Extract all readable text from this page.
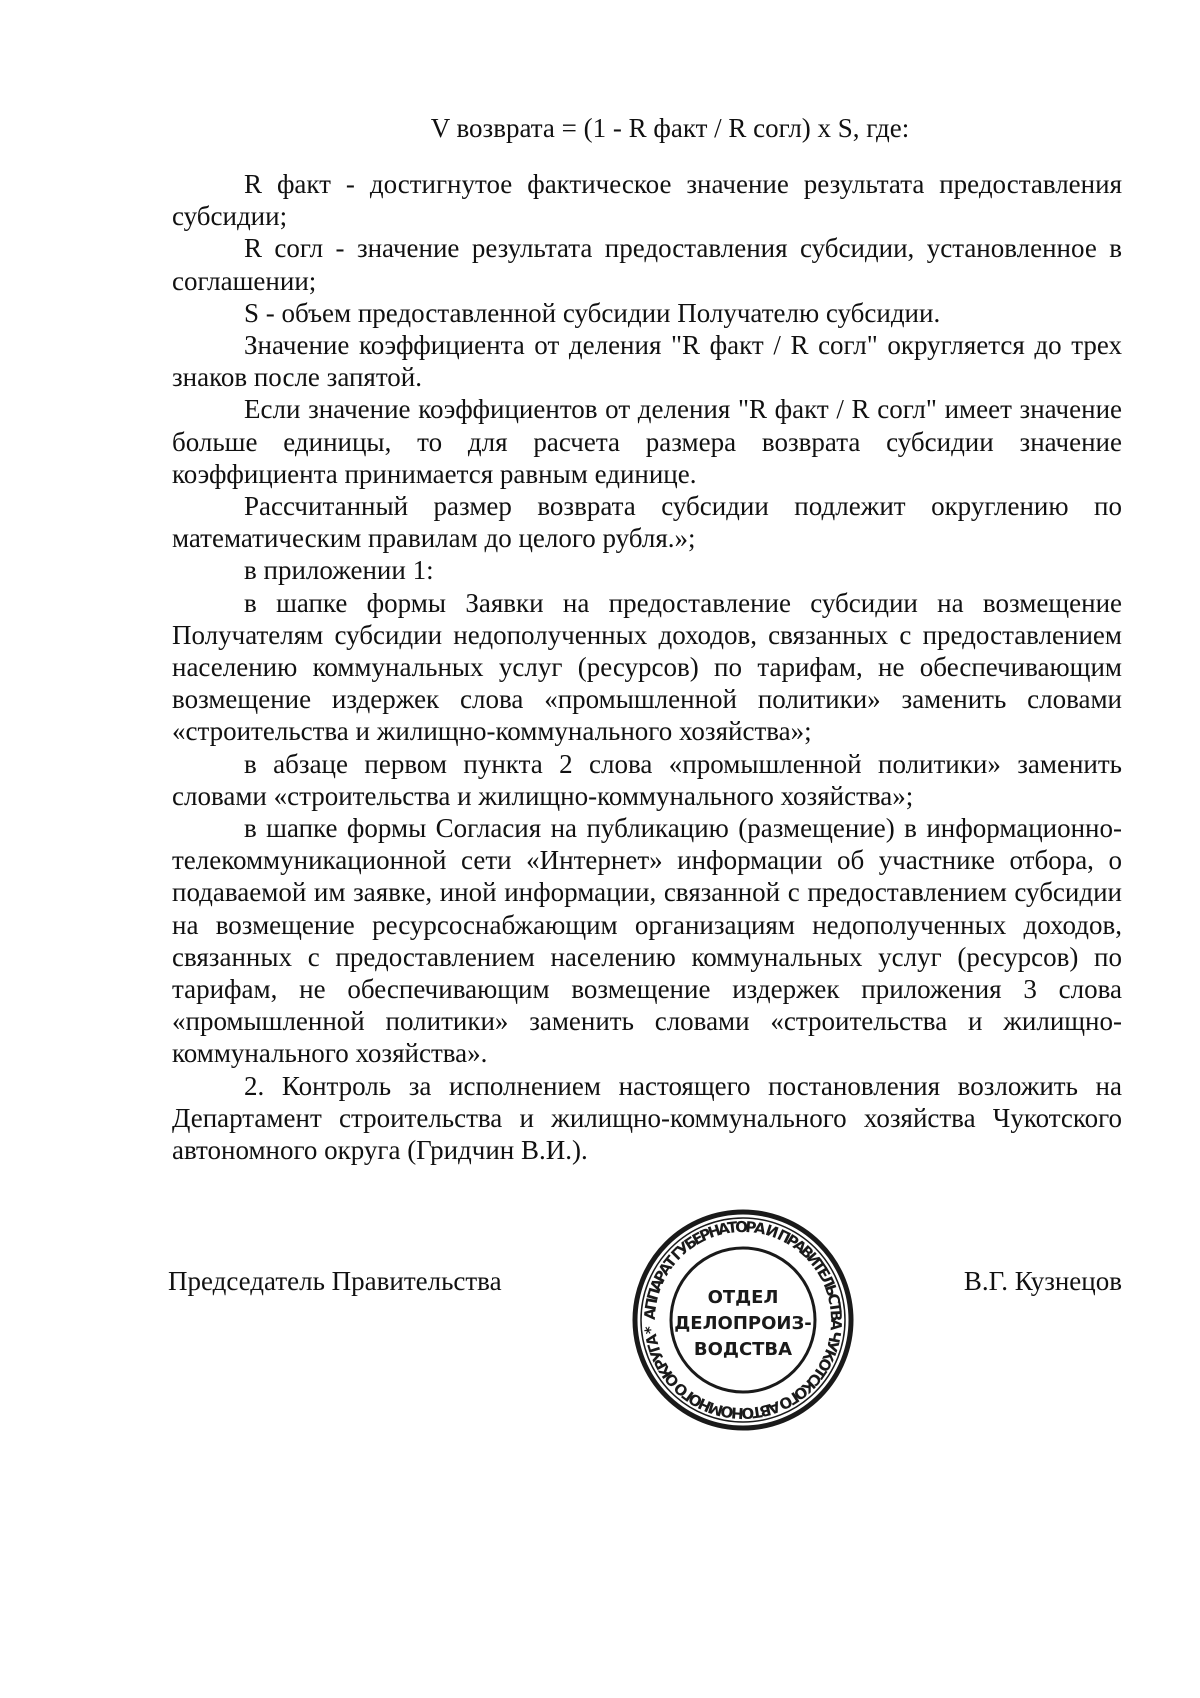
V возврата = (1 - R факт / R согл) х S, где:

R факт - достигнутое фактическое значение результата предоставления субсидии;

R согл - значение результата предоставления субсидии, установленное в соглашении;

S - объем предоставленной субсидии Получателю субсидии.

Значение коэффициента от деления "R факт / R согл" округляется до трех знаков после запятой.

Если значение коэффициентов от деления "R факт / R согл" имеет значение больше единицы, то для расчета размера возврата субсидии значение коэффициента принимается равным единице.

Рассчитанный размер возврата субсидии подлежит округлению по математическим правилам до целого рубля.»;

в приложении 1:

в шапке формы Заявки на предоставление субсидии на возмещение Получателям субсидии недополученных доходов, связанных с предоставлением населению коммунальных услуг (ресурсов) по тарифам, не обеспечивающим возмещение издержек слова «промышленной политики» заменить словами «строительства и жилищно-коммунального хозяйства»;

в абзаце первом пункта 2 слова «промышленной политики» заменить словами «строительства и жилищно-коммунального хозяйства»;

в шапке формы Согласия на публикацию (размещение) в информационно-телекоммуникационной сети «Интернет» информации об участнике отбора, о подаваемой им заявке, иной информации, связанной с предоставлением субсидии на возмещение ресурсоснабжающим организациям недополученных доходов, связанных с предоставлением населению коммунальных услуг (ресурсов) по тарифам, не обеспечивающим возмещение издержек приложения 3 слова «промышленной политики» заменить словами «строительства и жилищно-коммунального хозяйства».

2. Контроль за исполнением настоящего постановления возложить на Департамент строительства и жилищно-коммунального хозяйства Чукотского автономного округа (Гридчин В.И.).

Председатель Правительства	В.Г. Кузнецов
АППАРАТ ГУБЕРНАТОРА И ПРАВИТЕЛЬСТВА ЧУКОТСКОГО АВТОНОМНОГО ОКРУГА *
ОТДЕЛ
ДЕЛОПРОИЗ-
ВОДСТВА
